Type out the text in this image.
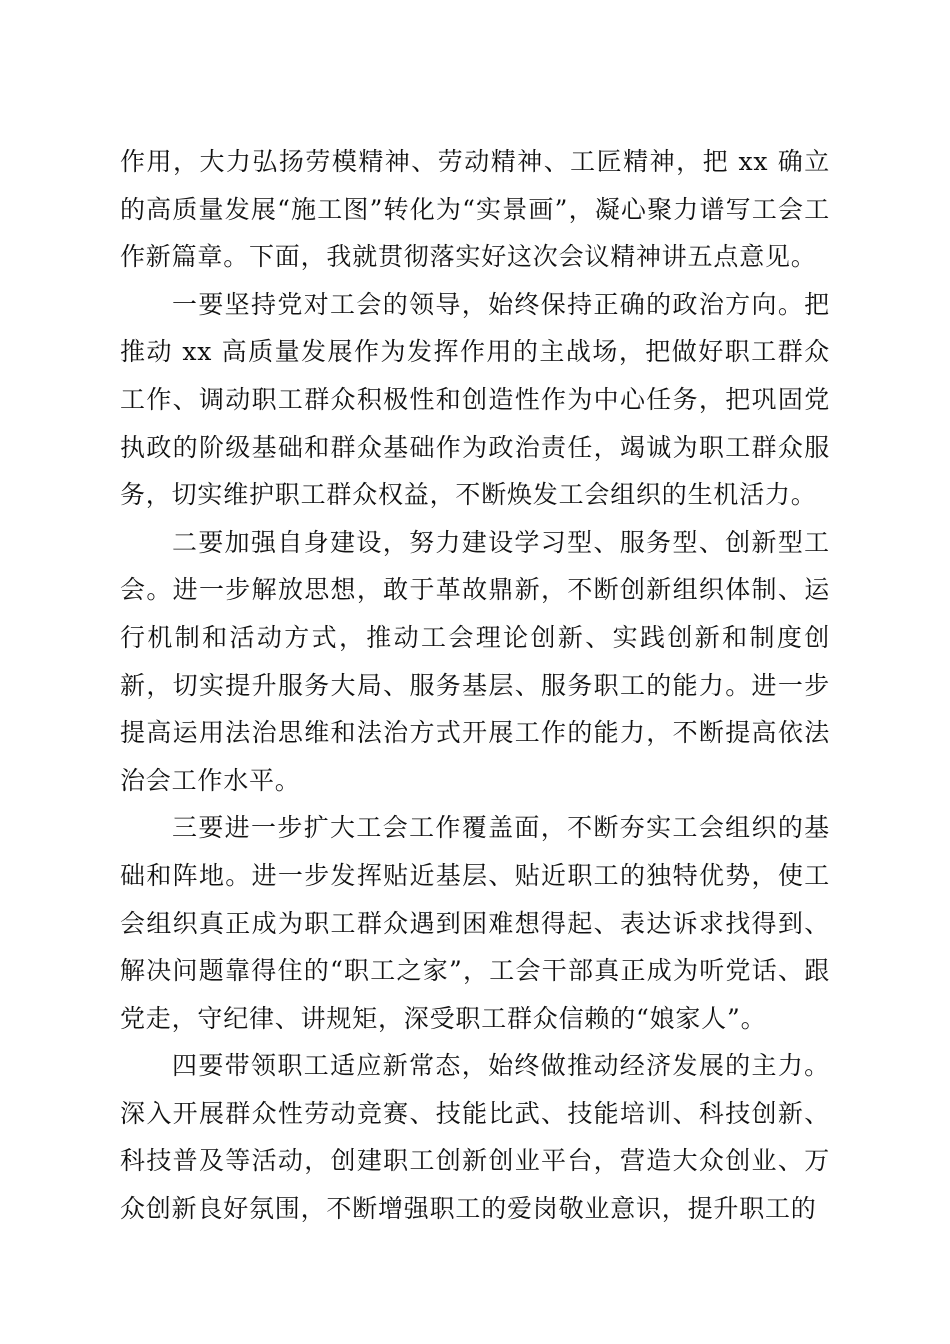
作用，大力弘扬劳模精神、劳动精神、工匠精神，把 xx 确立的高质量发展“施工图”转化为“实景画”，凝心聚力谱写工会工作新篇章。下面，我就贯彻落实好这次会议精神讲五点意见。

一要坚持党对工会的领导，始终保持正确的政治方向。把推动 xx 高质量发展作为发挥作用的主战场，把做好职工群众工作、调动职工群众积极性和创造性作为中心任务，把巩固党执政的阶级基础和群众基础作为政治责任，竭诚为职工群众服务，切实维护职工群众权益，不断焕发工会组织的生机活力。

二要加强自身建设，努力建设学习型、服务型、创新型工会。进一步解放思想，敢于革故鼎新，不断创新组织体制、运行机制和活动方式，推动工会理论创新、实践创新和制度创新，切实提升服务大局、服务基层、服务职工的能力。进一步提高运用法治思维和法治方式开展工作的能力，不断提高依法治会工作水平。

三要进一步扩大工会工作覆盖面，不断夯实工会组织的基础和阵地。进一步发挥贴近基层、贴近职工的独特优势，使工会组织真正成为职工群众遇到困难想得起、表达诉求找得到、解决问题靠得住的“职工之家”，工会干部真正成为听党话、跟党走，守纪律、讲规矩，深受职工群众信赖的“娘家人”。

四要带领职工适应新常态，始终做推动经济发展的主力。深入开展群众性劳动竞赛、技能比武、技能培训、科技创新、科技普及等活动，创建职工创新创业平台，营造大众创业、万众创新良好氛围，不断增强职工的爱岗敬业意识，提升职工的
